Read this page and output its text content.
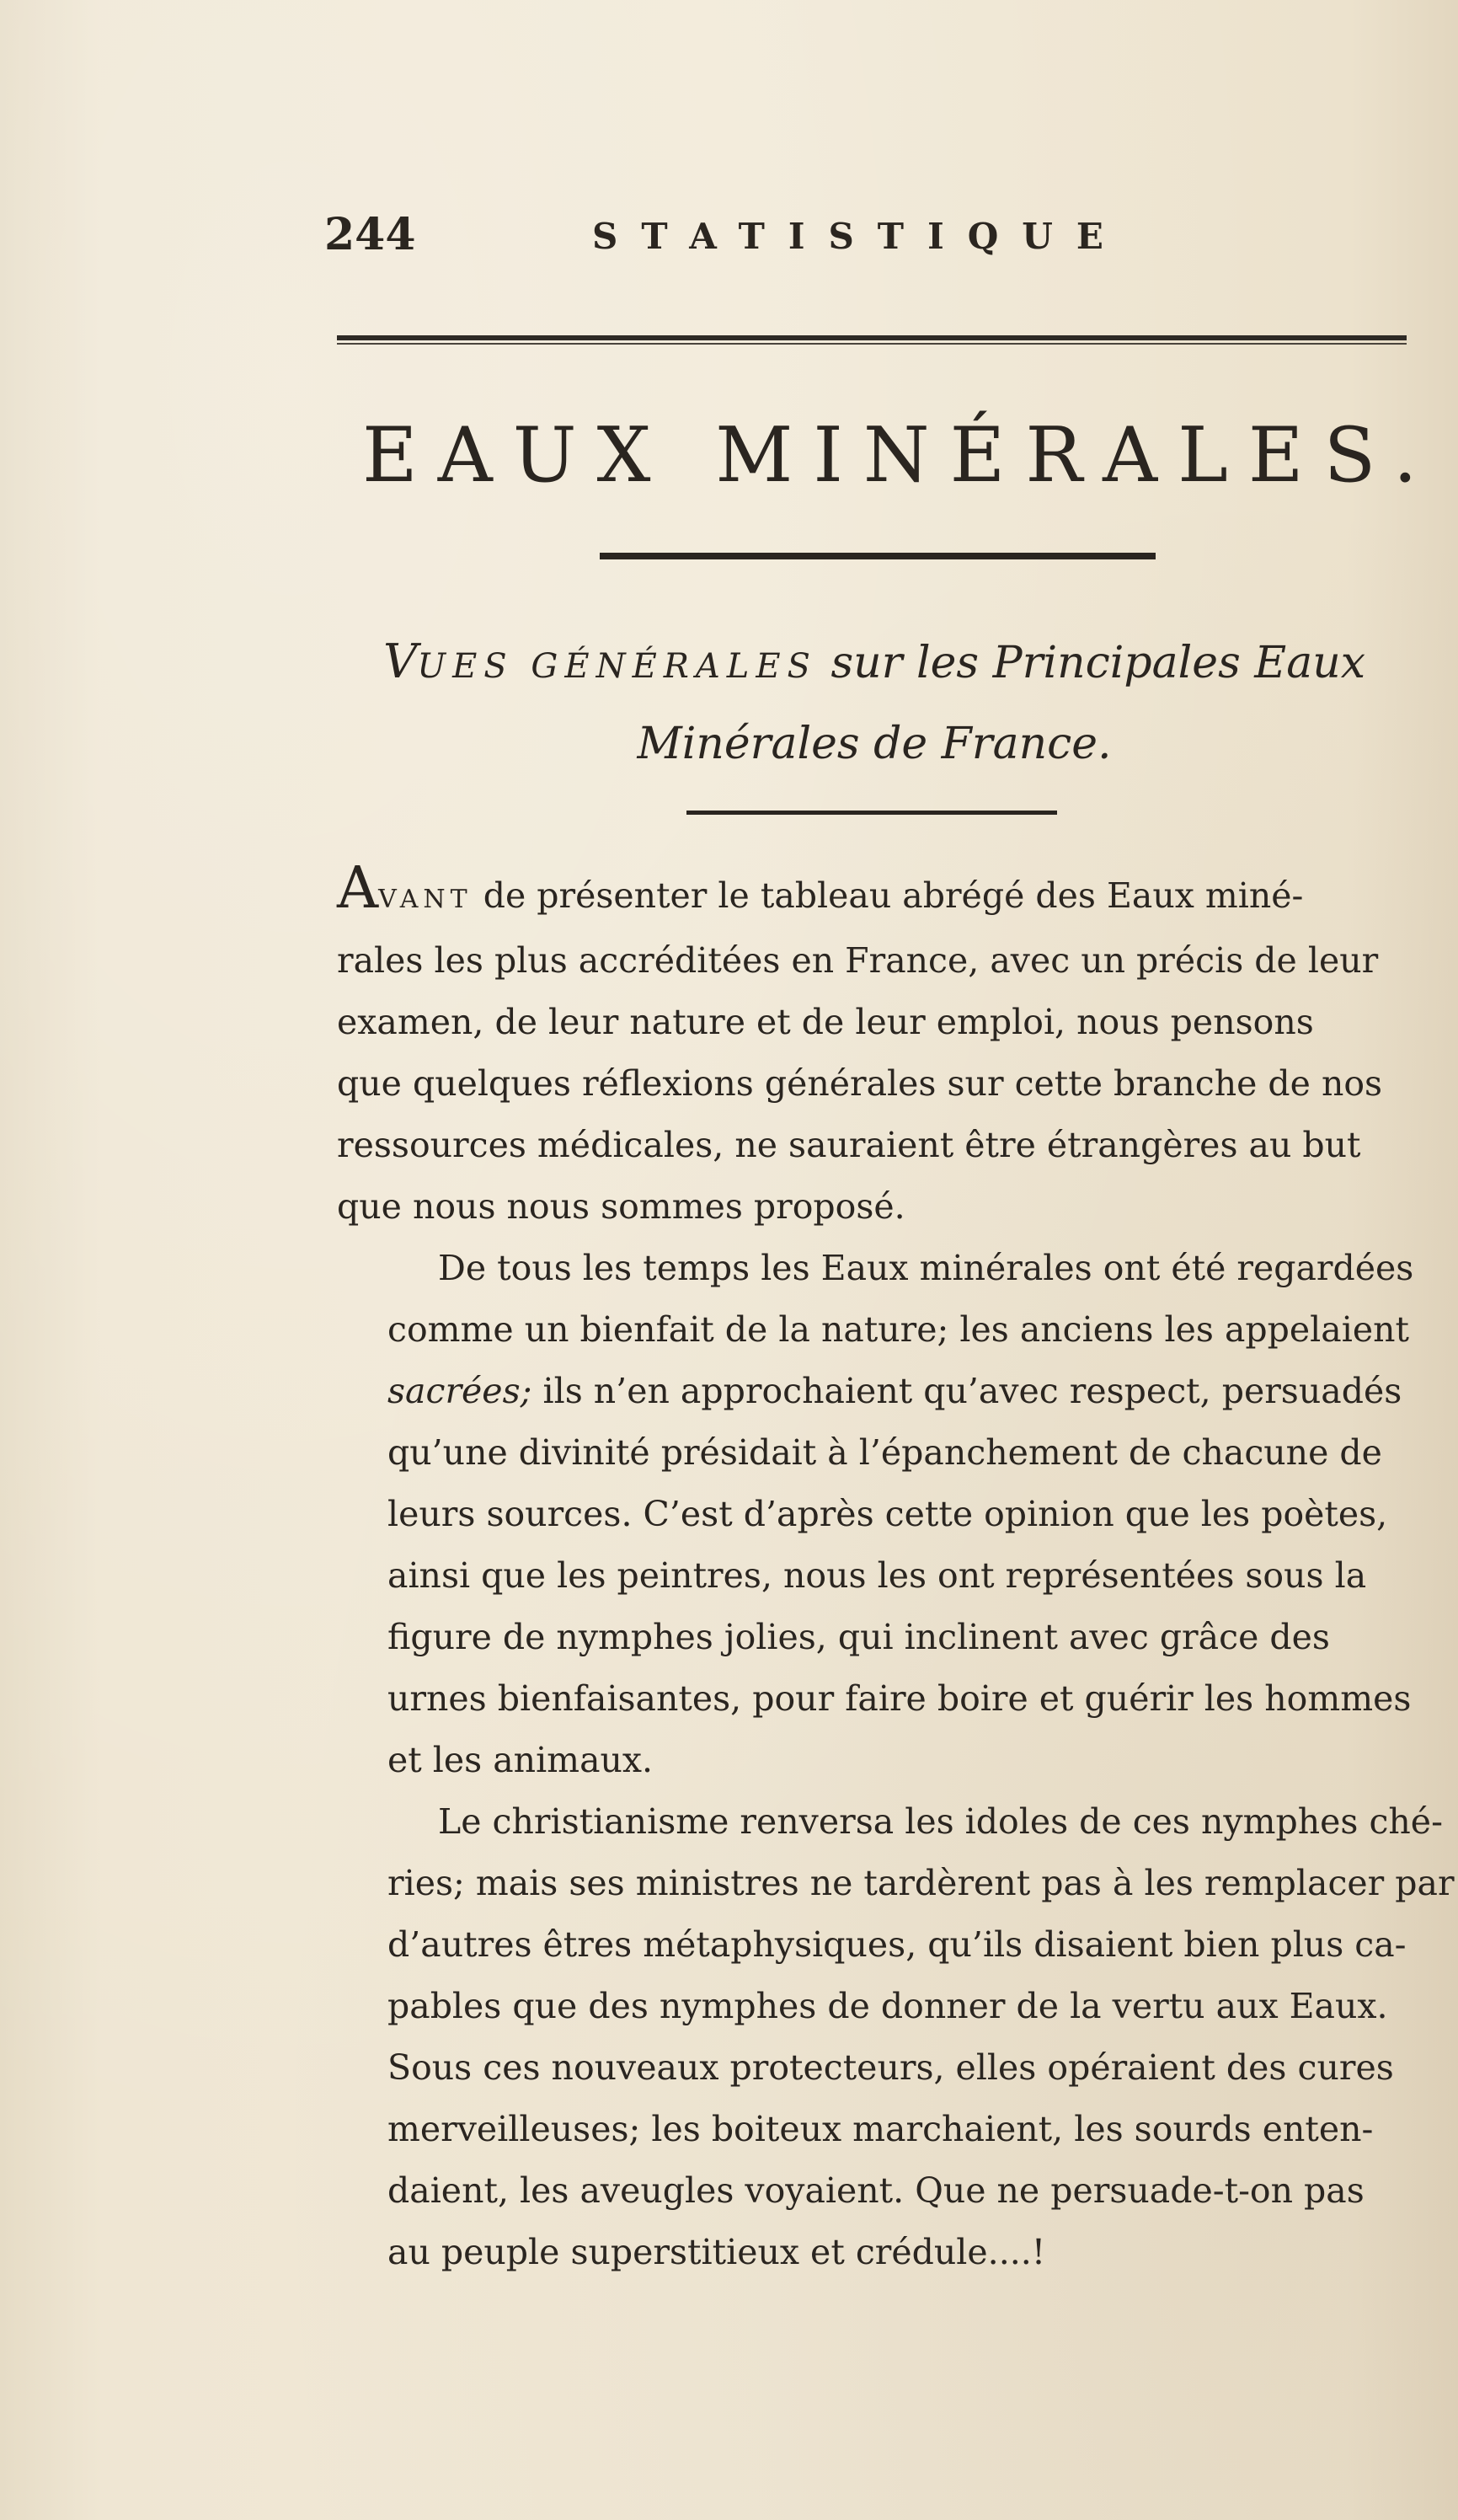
244	STATISTIQUE
EAUX MINÉRALES.
VUES GÉNÉRALES sur les Principales Eaux
Minérales de France.

AVANT de présenter le tableau abrégé des Eaux miné-
rales les plus accréditées en France, avec un précis de leur
examen, de leur nature et de leur emploi, nous pensons
que quelques réflexions générales sur cette branche de nos
ressources médicales, ne sauraient être étrangères au but
que nous nous sommes proposé.

De tous les temps les Eaux minérales ont été regardées
comme un bienfait de la nature; les anciens les appelaient
sacrées; ils n’en approchaient qu’avec respect, persuadés
qu’une divinité présidait à l’épanchement de chacune de
leurs sources. C’est d’après cette opinion que les poètes,
ainsi que les peintres, nous les ont représentées sous la
figure de nymphes jolies, qui inclinent avec grâce des
urnes bienfaisantes, pour faire boire et guérir les hommes
et les animaux.

Le christianisme renversa les idoles de ces nymphes ché-
ries; mais ses ministres ne tardèrent pas à les remplacer par
d’autres êtres métaphysiques, qu’ils disaient bien plus ca-
pables que des nymphes de donner de la vertu aux Eaux.
Sous ces nouveaux protecteurs, elles opéraient des cures
merveilleuses; les boiteux marchaient, les sourds enten-
daient, les aveugles voyaient. Que ne persuade-t-on pas
au peuple superstitieux et crédule....!
